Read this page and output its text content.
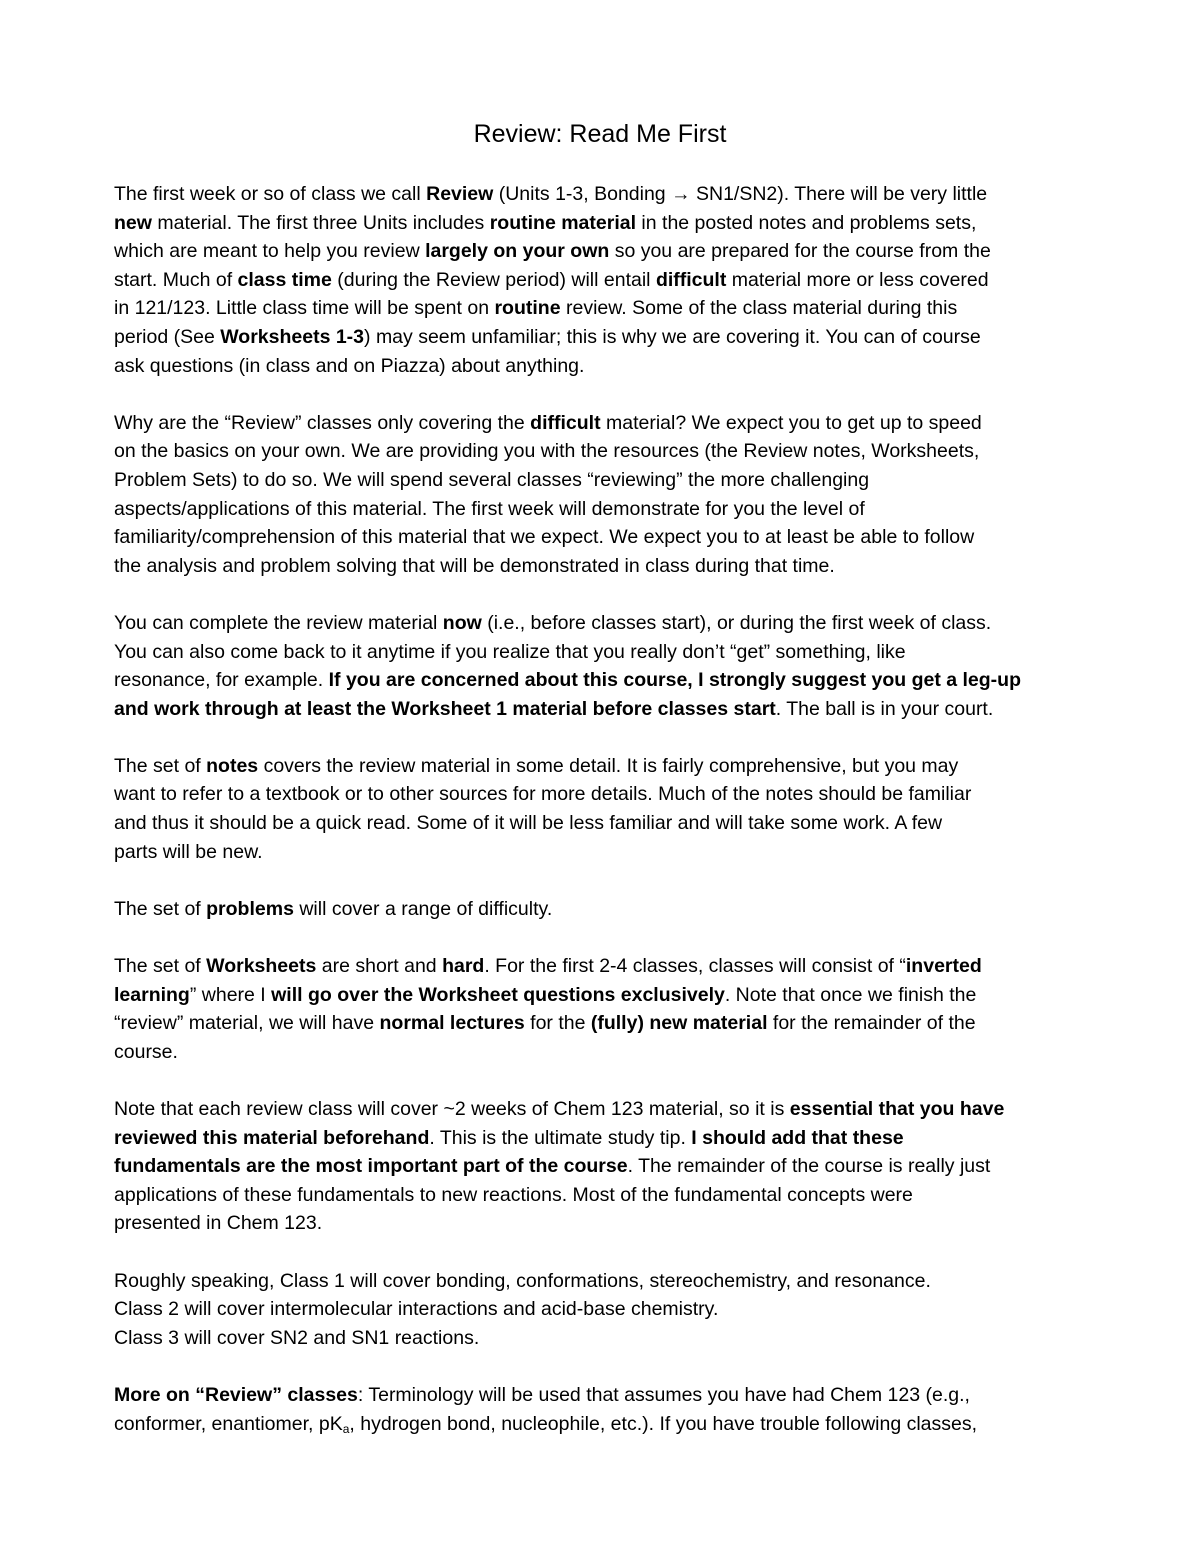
Review: Read Me First

The first week or so of class we call Review (Units 1-3, Bonding → SN1/SN2). There will be very little
new material. The first three Units includes routine material in the posted notes and problems sets,
which are meant to help you review largely on your own so you are prepared for the course from the
start. Much of class time (during the Review period) will entail difficult material more or less covered
in 121/123. Little class time will be spent on routine review. Some of the class material during this
period (See Worksheets 1-3) may seem unfamiliar; this is why we are covering it. You can of course
ask questions (in class and on Piazza) about anything.

Why are the “Review” classes only covering the difficult material? We expect you to get up to speed
on the basics on your own. We are providing you with the resources (the Review notes, Worksheets,
Problem Sets) to do so. We will spend several classes “reviewing” the more challenging
aspects/applications of this material. The first week will demonstrate for you the level of
familiarity/comprehension of this material that we expect. We expect you to at least be able to follow
the analysis and problem solving that will be demonstrated in class during that time.

You can complete the review material now (i.e., before classes start), or during the first week of class.
You can also come back to it anytime if you realize that you really don’t “get” something, like
resonance, for example. If you are concerned about this course, I strongly suggest you get a leg-up
and work through at least the Worksheet 1 material before classes start. The ball is in your court.

The set of notes covers the review material in some detail. It is fairly comprehensive, but you may
want to refer to a textbook or to other sources for more details. Much of the notes should be familiar
and thus it should be a quick read. Some of it will be less familiar and will take some work. A few
parts will be new.

The set of problems will cover a range of difficulty.

The set of Worksheets are short and hard. For the first 2-4 classes, classes will consist of “inverted
learning” where I will go over the Worksheet questions exclusively. Note that once we finish the
“review” material, we will have normal lectures for the (fully) new material for the remainder of the
course.

Note that each review class will cover ~2 weeks of Chem 123 material, so it is essential that you have
reviewed this material beforehand. This is the ultimate study tip. I should add that these
fundamentals are the most important part of the course. The remainder of the course is really just
applications of these fundamentals to new reactions. Most of the fundamental concepts were
presented in Chem 123.

Roughly speaking, Class 1 will cover bonding, conformations, stereochemistry, and resonance.
Class 2 will cover intermolecular interactions and acid-base chemistry.
Class 3 will cover SN2 and SN1 reactions.

More on “Review” classes: Terminology will be used that assumes you have had Chem 123 (e.g.,
conformer, enantiomer, $pK_a$, hydrogen bond, nucleophile, etc.). If you have trouble following classes,
